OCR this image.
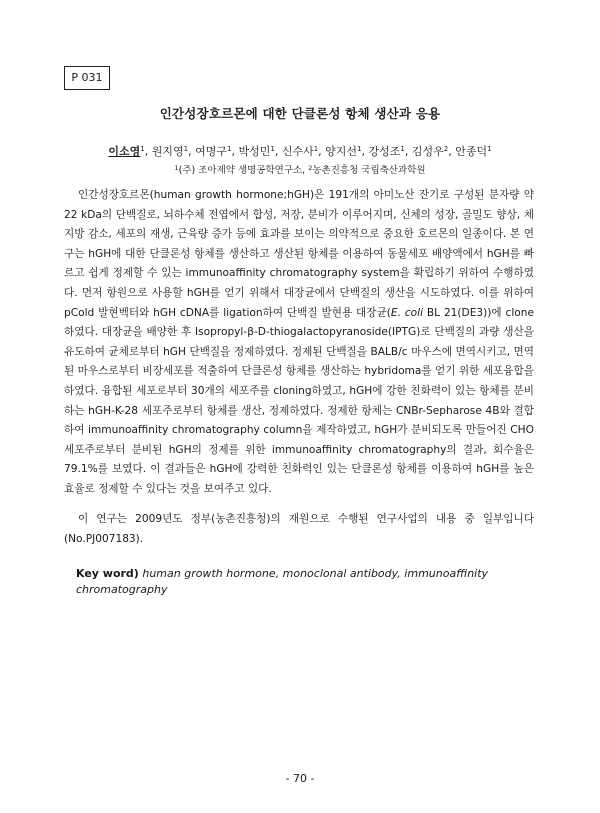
P 031
인간성장호르몬에 대한 단클론성 항체 생산과 응용
이소영$^1$, 원지영$^1$, 여명구$^1$, 박성민$^1$, 신수사$^1$, 양지선$^1$, 강성조$^1$, 김성우$^2$, 안종덕$^1$
$^1$(주) 조아제약 생명공학연구소, $^2$농촌진흥청 국립축산과학원

인간성장호르몬(human growth hormone;hGH)은 191개의 아미노산 잔기로 구성된 분자량 약 22 kDa의 단백질로, 뇌하수체 전엽에서 합성, 저장, 분비가 이루어지며, 신체의 성장, 골밀도 향상, 체지방 감소, 세포의 재생, 근육량 증가 등에 효과를 보이는 의약적으로 중요한 호르몬의 일종이다. 본 연구는 hGH에 대한 단클론성 항체를 생산하고 생산된 항체를 이용하여 동물세포 배양액에서 hGH를 빠르고 쉽게 정제할 수 있는 immunoaffinity chromatography system을 확립하기 위하여 수행하였다. 먼저 항원으로 사용할 hGH를 얻기 위해서 대장균에서 단백질의 생산을 시도하였다. 이를 위하여 pCold 발현벡터와 hGH cDNA를 ligation하여 단백질 발현용 대장균(E. coli BL 21(DE3))에 clone하였다. 대장균을 배양한 후 Isopropyl-β-D-thiogalactopyranoside(IPTG)로 단백질의 과량 생산을 유도하여 균체로부터 hGH 단백질을 정제하였다. 정제된 단백질을 BALB/c 마우스에 면역시키고, 면역된 마우스로부터 비장세포를 적출하여 단클론성 항체를 생산하는 hybridoma를 얻기 위한 세포융합을 하였다. 융합된 세포로부터 30개의 세포주를 cloning하였고, hGH에 강한 친화력이 있는 항체를 분비하는 hGH-K-28 세포주로부터 항체를 생산, 정제하였다. 정제한 항체는 CNBr-Sepharose 4B와 결합하여 immunoaffinity chromatography column을 제작하였고, hGH가 분비되도록 만들어진 CHO 세포주로부터 분비된 hGH의 정제를 위한 immunoaffinity chromatography의 결과, 회수율은 79.1%를 보였다. 이 결과들은 hGH에 강력한 친화력인 있는 단클론성 항체를 이용하여 hGH를 높은 효율로 정제할 수 있다는 것을 보여주고 있다.

이 연구는 2009년도 정부(농촌진흥청)의 재원으로 수행된 연구사업의 내용 중 일부입니다(No.PJ007183).

Key word) human growth hormone, monoclonal antibody, immunoaffinity chromatography
- 70 -
